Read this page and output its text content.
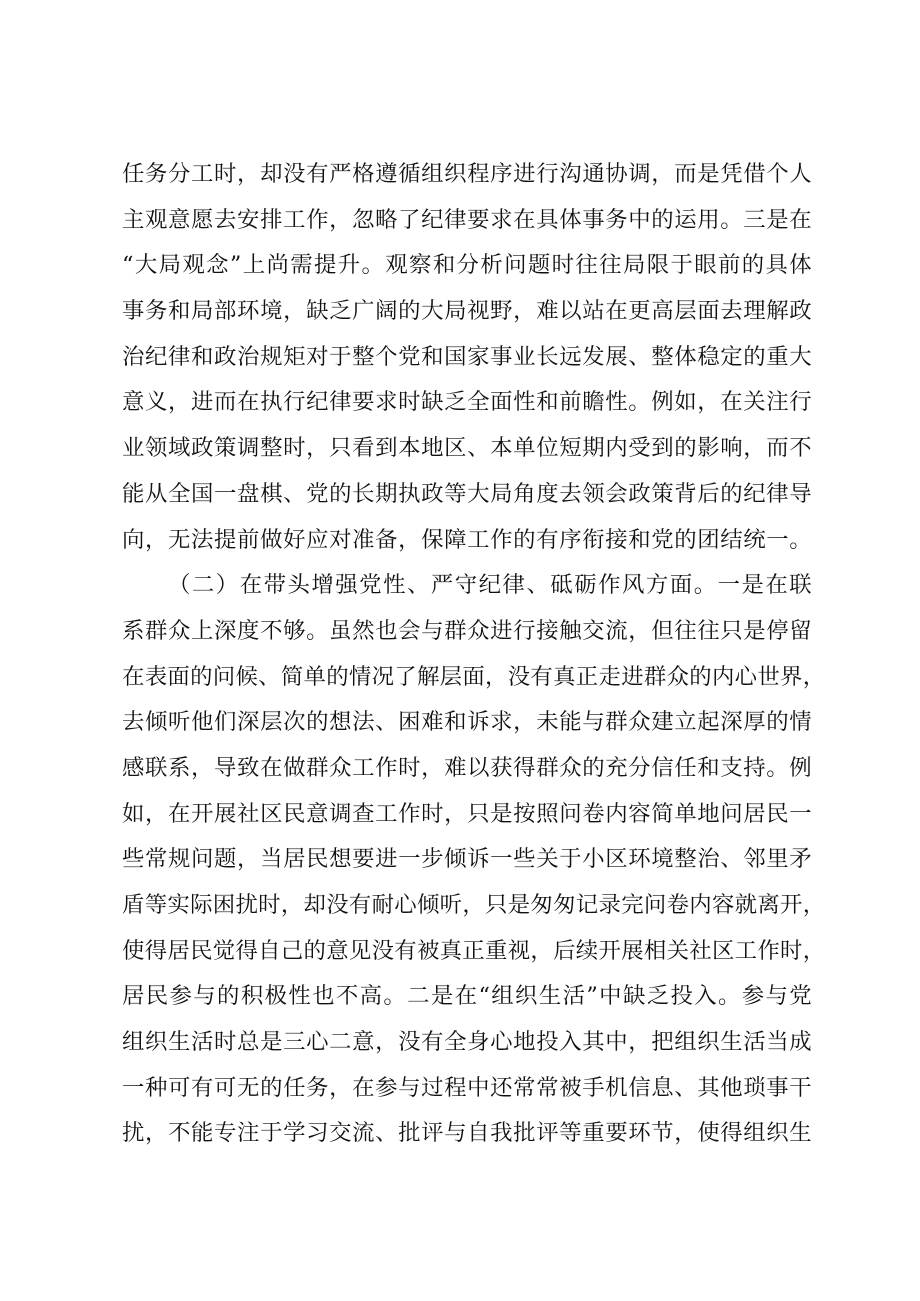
任务分工时，却没有严格遵循组织程序进行沟通协调，而是凭借个人
主观意愿去安排工作，忽略了纪律要求在具体事务中的运用。三是在
“大局观念”上尚需提升。观察和分析问题时往往局限于眼前的具体
事务和局部环境，缺乏广阔的大局视野，难以站在更高层面去理解政
治纪律和政治规矩对于整个党和国家事业长远发展、整体稳定的重大
意义，进而在执行纪律要求时缺乏全面性和前瞻性。例如，在关注行
业领域政策调整时，只看到本地区、本单位短期内受到的影响，而不
能从全国一盘棋、党的长期执政等大局角度去领会政策背后的纪律导
向，无法提前做好应对准备，保障工作的有序衔接和党的团结统一。
（二）在带头增强党性、严守纪律、砥砺作风方面。一是在联
系群众上深度不够。虽然也会与群众进行接触交流，但往往只是停留
在表面的问候、简单的情况了解层面，没有真正走进群众的内心世界，
去倾听他们深层次的想法、困难和诉求，未能与群众建立起深厚的情
感联系，导致在做群众工作时，难以获得群众的充分信任和支持。例
如，在开展社区民意调查工作时，只是按照问卷内容简单地问居民一
些常规问题，当居民想要进一步倾诉一些关于小区环境整治、邻里矛
盾等实际困扰时，却没有耐心倾听，只是匆匆记录完问卷内容就离开，
使得居民觉得自己的意见没有被真正重视，后续开展相关社区工作时，
居民参与的积极性也不高。二是在“组织生活”中缺乏投入。参与党
组织生活时总是三心二意，没有全身心地投入其中，把组织生活当成
一种可有可无的任务，在参与过程中还常常被手机信息、其他琐事干
扰，不能专注于学习交流、批评与自我批评等重要环节，使得组织生
